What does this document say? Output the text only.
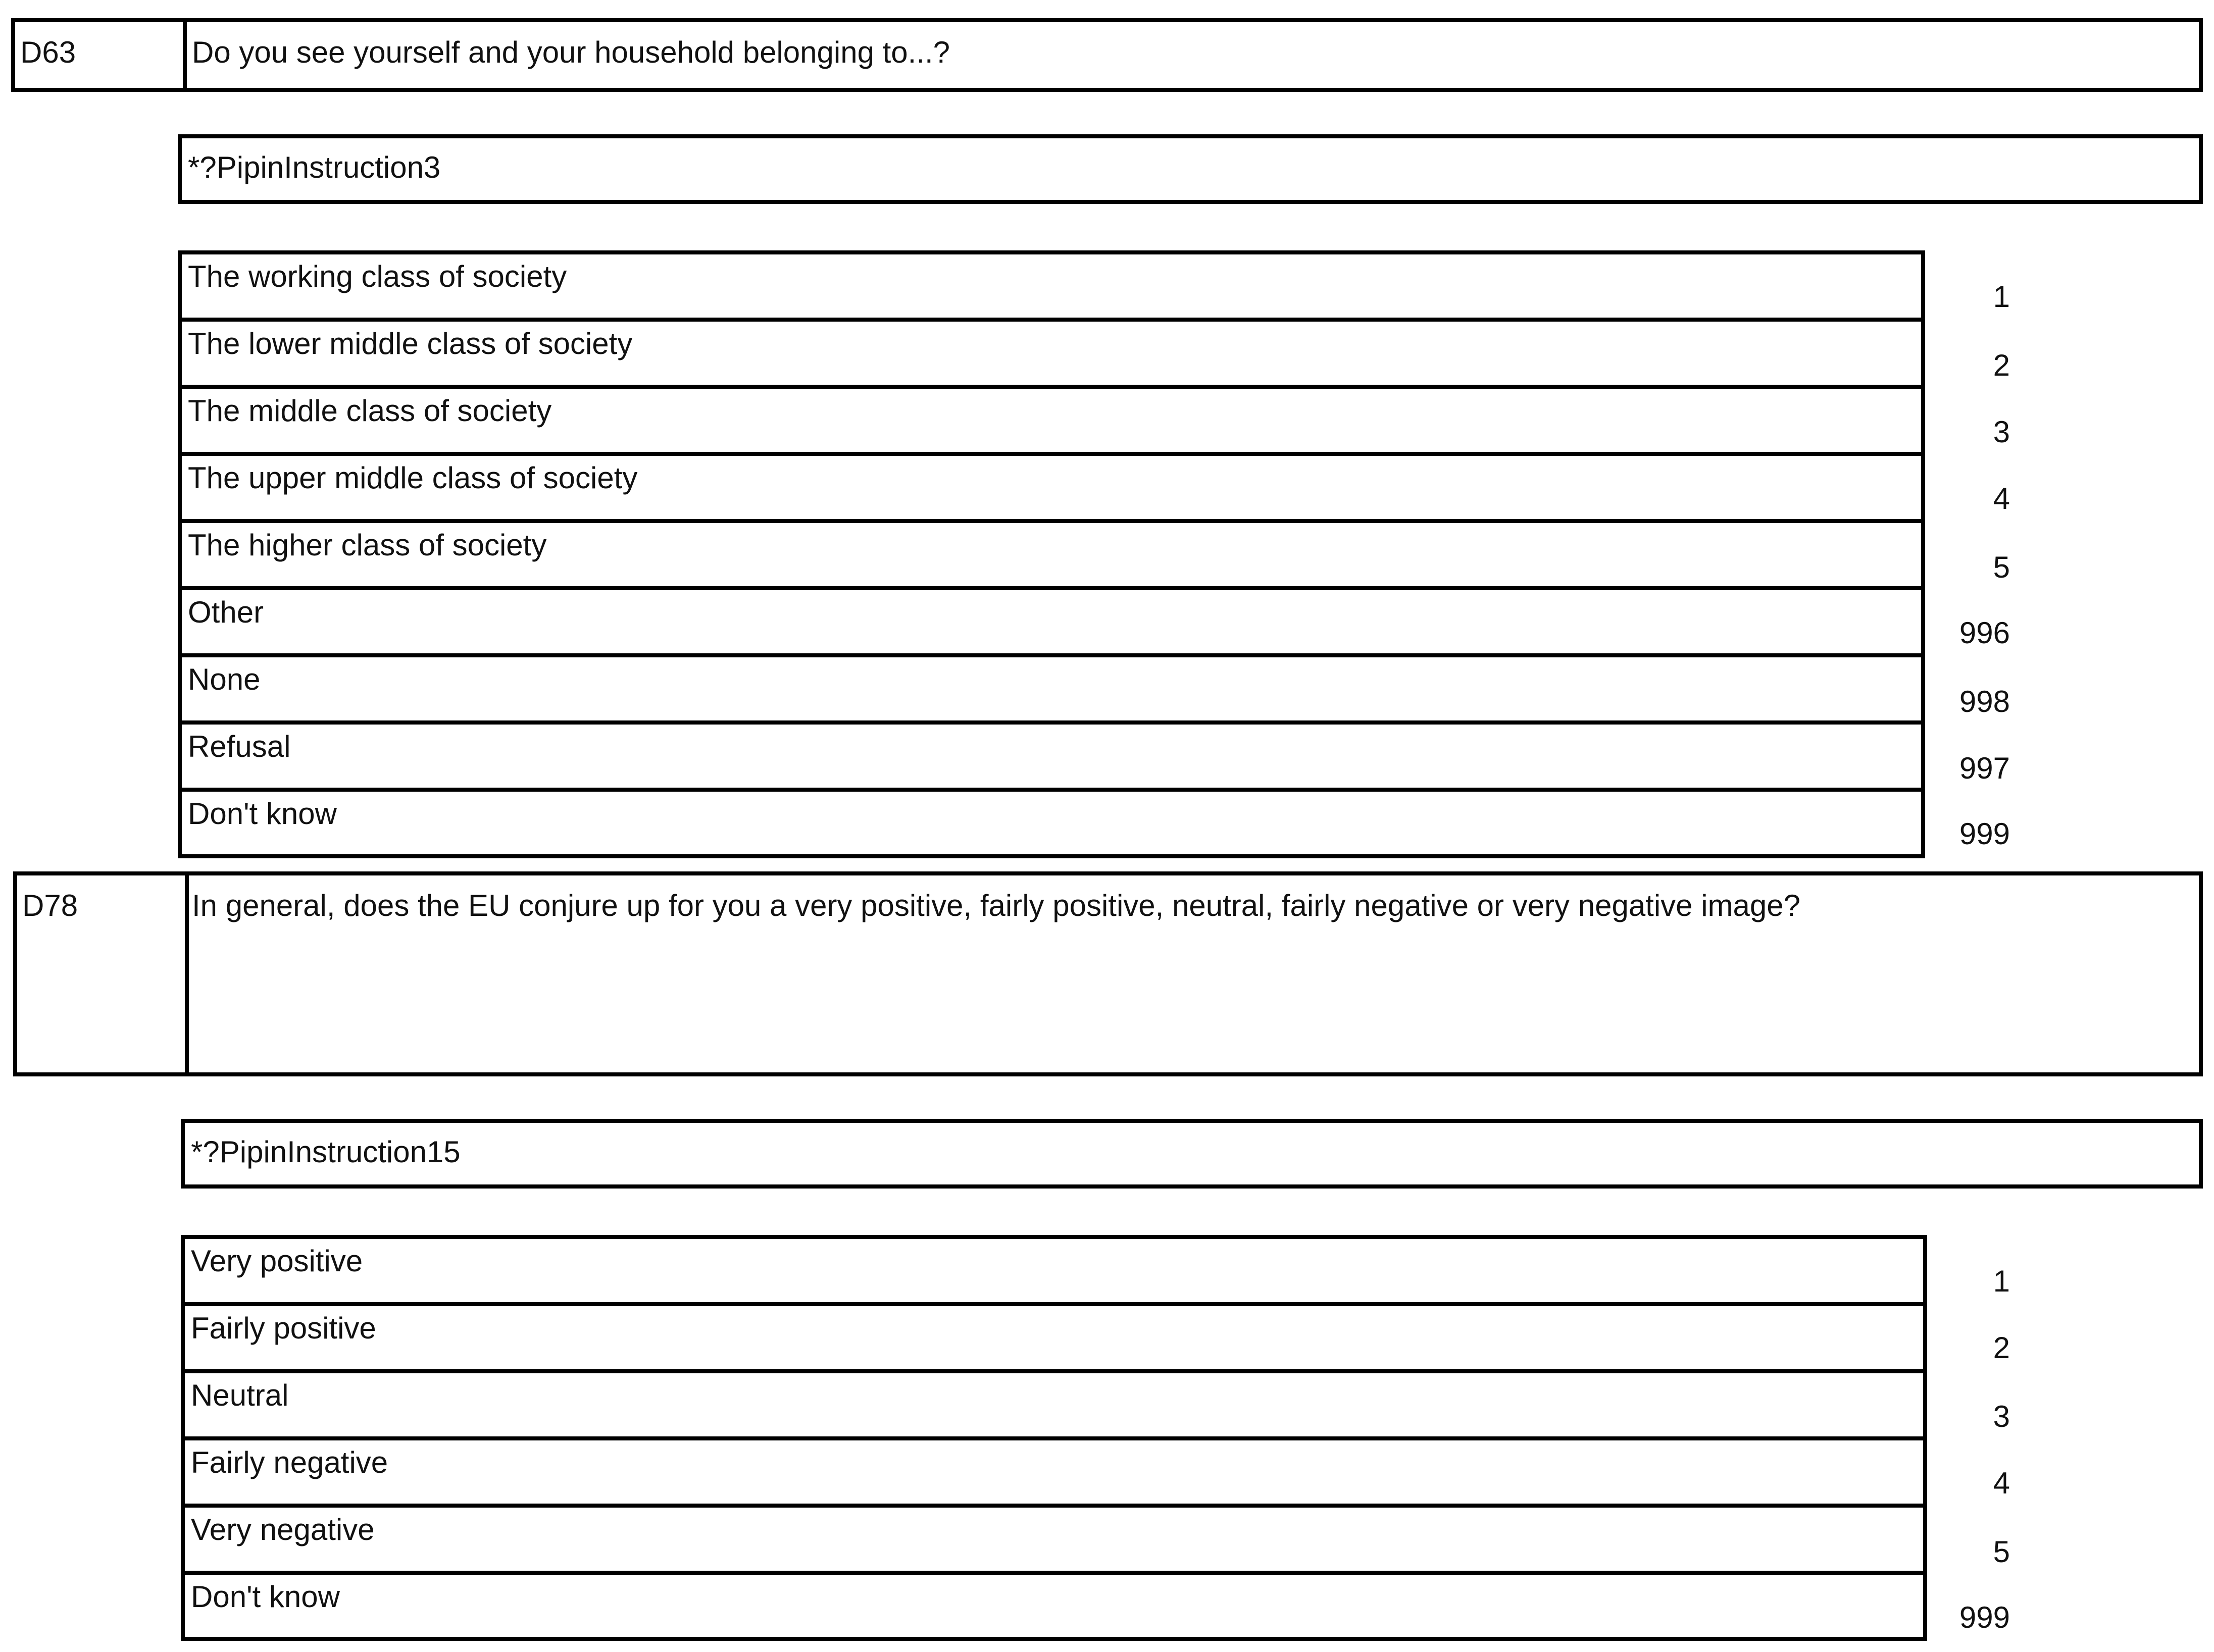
D63	Do you see yourself and your household belonging to...?
*?PipinInstruction3
The working class of society
The lower middle class of society
The middle class of society
The upper middle class of society
The higher class of society
Other
None
Refusal
Don't know
1
2
3
4
5
996
998
997
999
D78	In general, does the EU conjure up for you a very positive, fairly positive, neutral, fairly negative or very negative image?
*?PipinInstruction15
Very positive
Fairly positive
Neutral
Fairly negative
Very negative
Don't know
1
2
3
4
5
999
